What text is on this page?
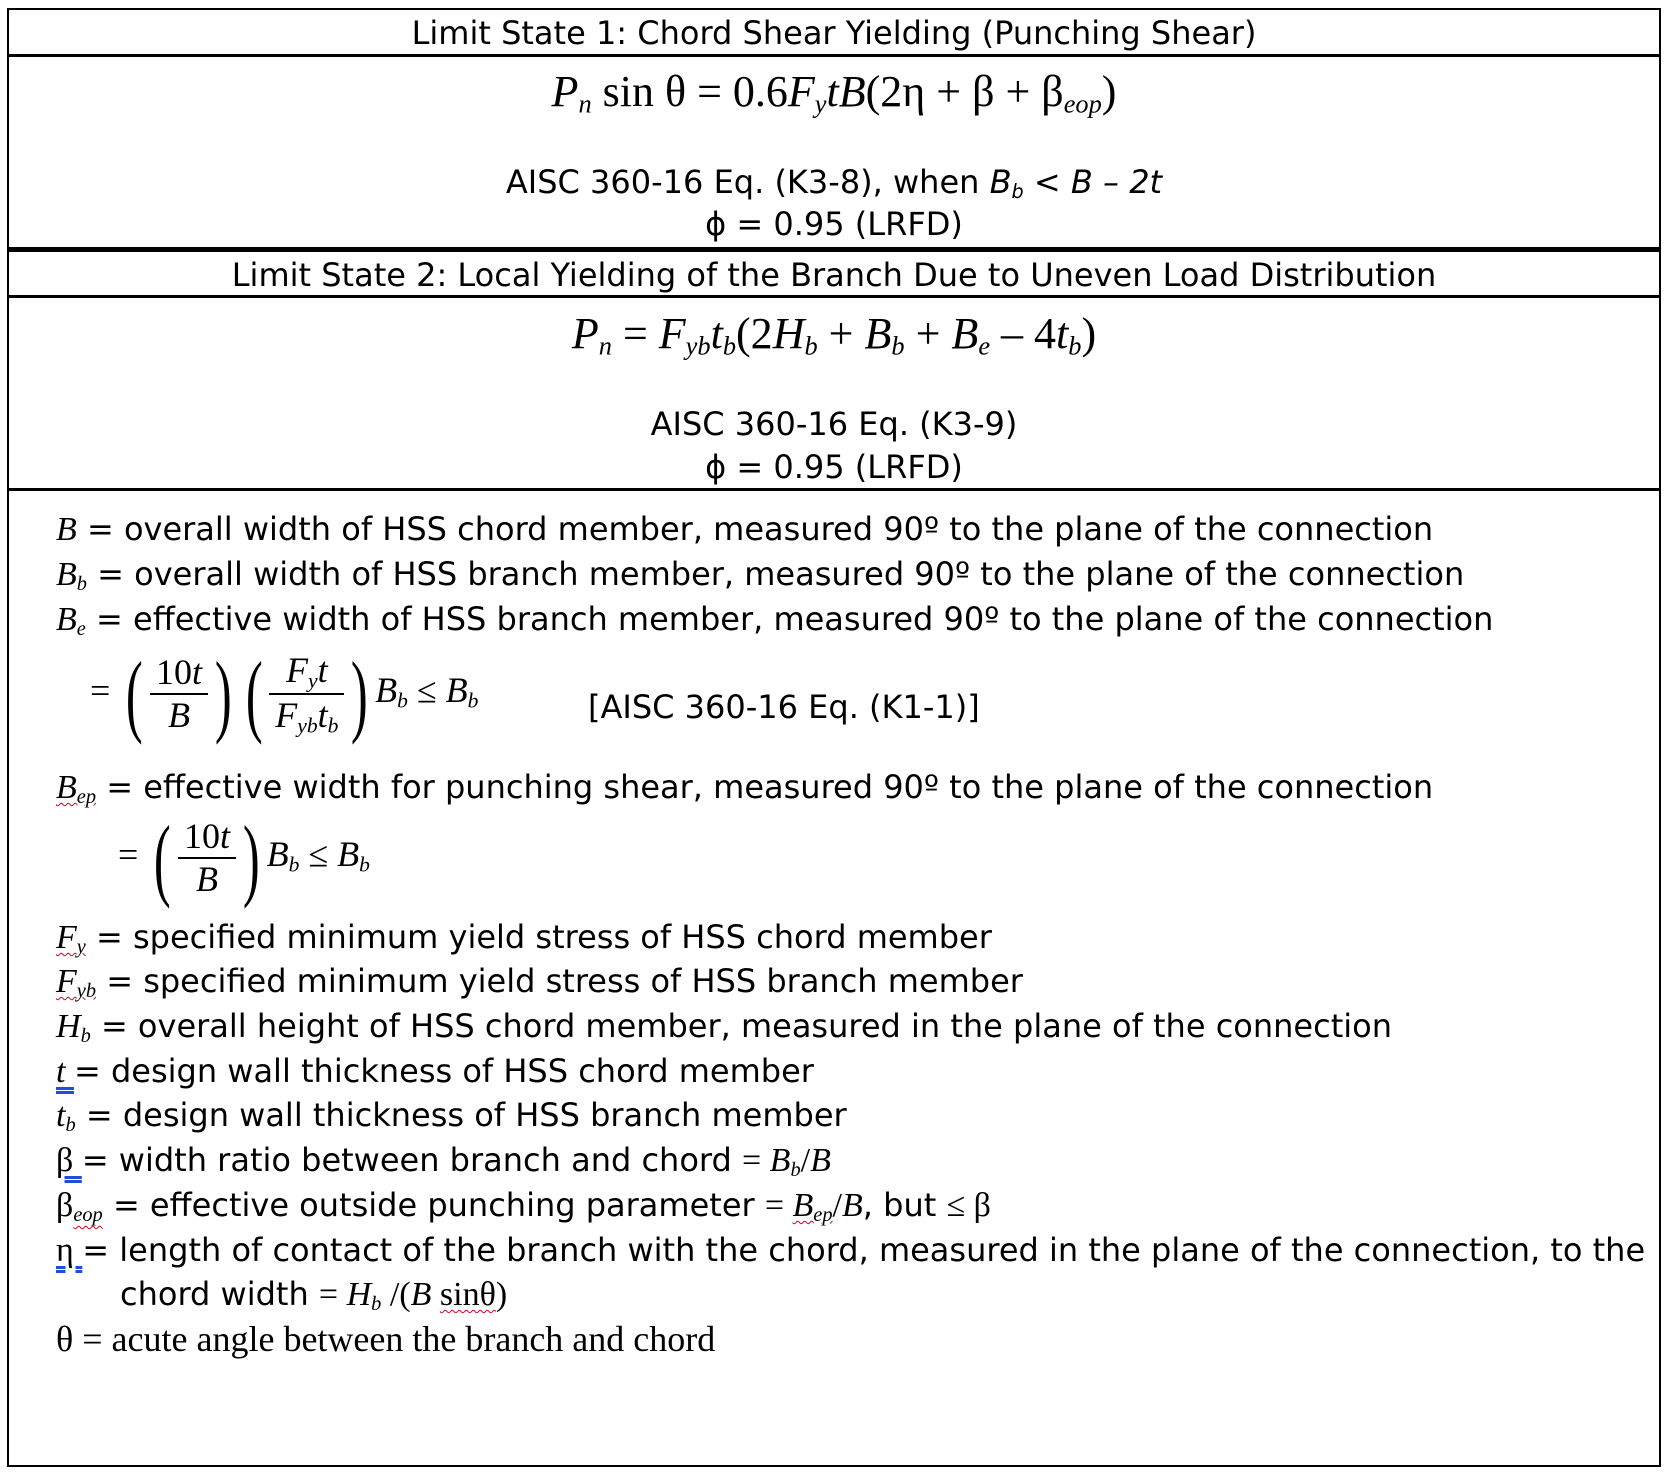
Limit State 1: Chord Shear Yielding (Punching Shear)
$P_n$ $\sin \theta = 0.6F_ytB(2\eta + \beta + \beta_{eop})$
AISC 360-16 Eq. (K3-8), when $B_b < B - 2t$
ϕ = 0.95 (LRFD)
Limit State 2: Local Yielding of the Branch Due to Uneven Load Distribution
$P_n = F_{yb}t_b(2H_b + B_b + B_e - 4t_b)$
AISC 360-16 Eq. (K3-9)
ϕ = 0.95 (LRFD)
B = overall width of HSS chord member, measured 90º to the plane of the connection
$B_b$ = overall width of HSS branch member, measured 90º to the plane of the connection
$B_e$ = effective width of HSS branch member, measured 90º to the plane of the connection
= ( $\frac{10t}{B}$ ) ( $\frac{F_yt}{F_{yb}t_b}$ ) $B_b \le B_b$	[AISC 360-16 Eq. (K1-1)]
$B_{ep}$ = effective width for punching shear, measured 90º to the plane of the connection
= ( $\frac{10t}{B}$ ) $B_b \le B_b$
$F_y$ = specified minimum yield stress of HSS chord member
$F_{yb}$ = specified minimum yield stress of HSS branch member
$H_b$ = overall height of HSS chord member, measured in the plane of the connection
t = design wall thickness of HSS chord member
$t_b$ = design wall thickness of HSS branch member
β = width ratio between branch and chord = $B_b/B$
$\beta_{eop}$ = effective outside punching parameter = $B_{ep}/B$, but ≤ β
η = length of contact of the branch with the chord, measured in the plane of the connection, to the
chord width = $H_b$ /(B sinθ)
θ = acute angle between the branch and chord
